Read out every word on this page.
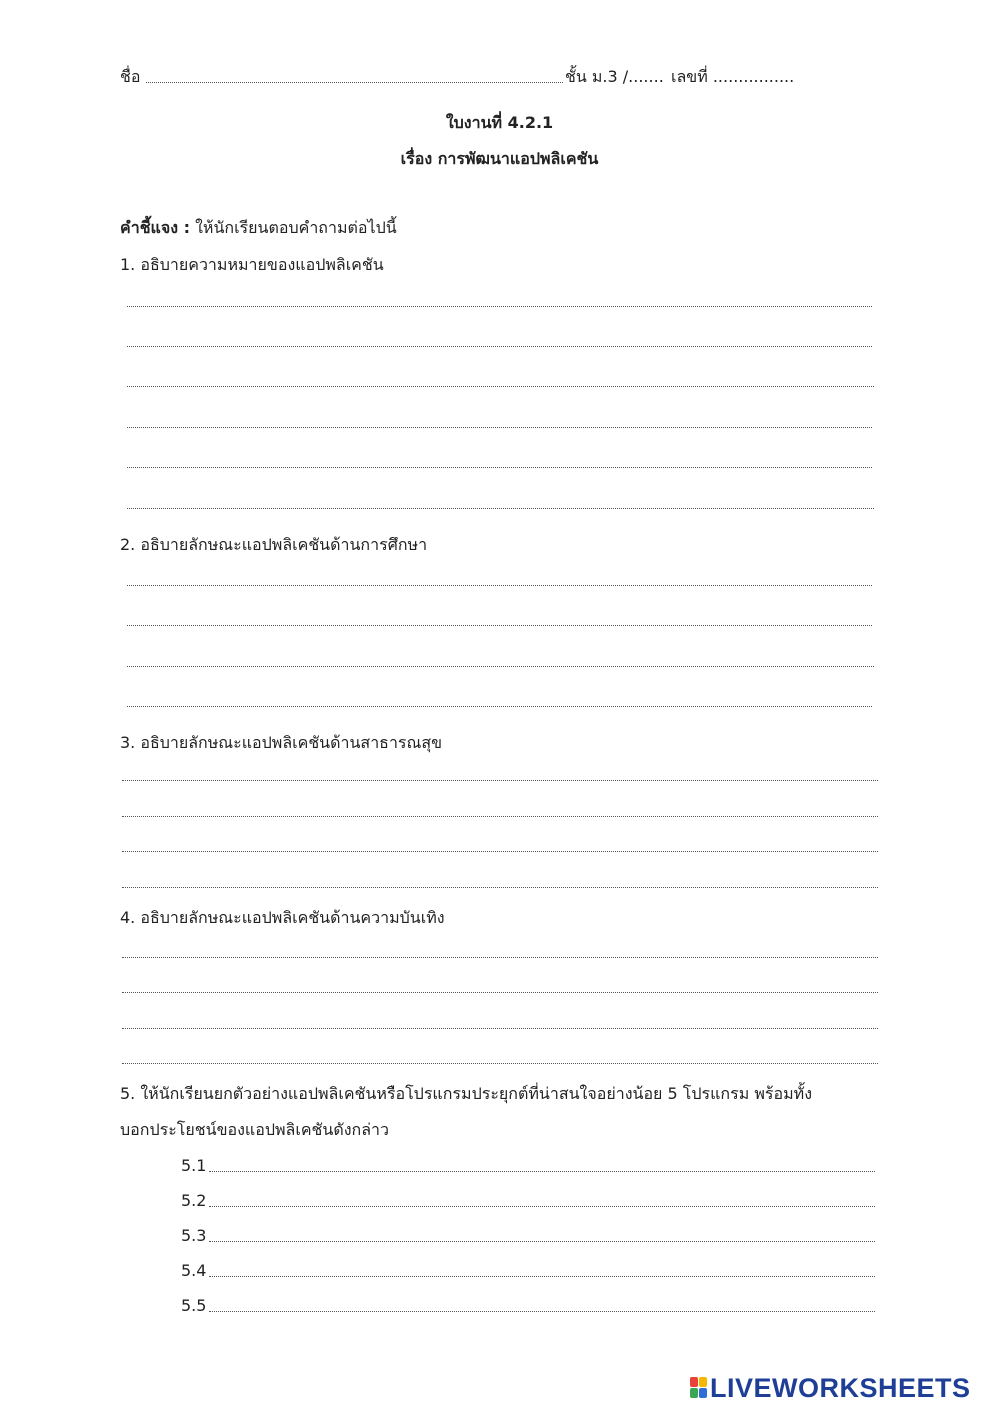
ชื่อ	ชั้น ม.3 /....... เลขที่ ................
ใบงานที่ 4.2.1
เรื่อง การพัฒนาแอปพลิเคชัน
คำชี้แจง : ให้นักเรียนตอบคำถามต่อไปนี้
1. อธิบายความหมายของแอปพลิเคชัน
2. อธิบายลักษณะแอปพลิเคชันด้านการศึกษา
3. อธิบายลักษณะแอปพลิเคชันด้านสาธารณสุข
4. อธิบายลักษณะแอปพลิเคชันด้านความบันเทิง
5. ให้นักเรียนยกตัวอย่างแอปพลิเคชันหรือโปรแกรมประยุกต์ที่น่าสนใจอย่างน้อย 5 โปรแกรม พร้อมทั้ง
บอกประโยชน์ของแอปพลิเคชันดังกล่าว
5.1
5.2
5.3
5.4
5.5
LIVEWORKSHEETS
